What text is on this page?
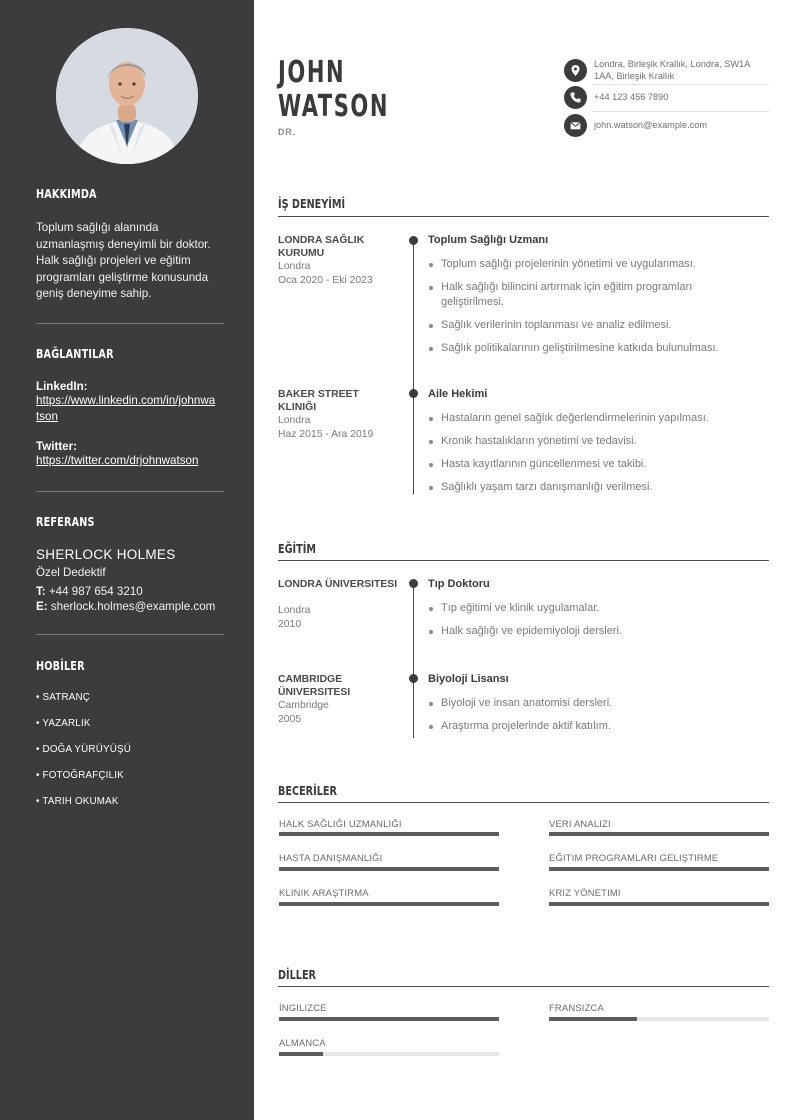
HAKKIMDA
Toplum sağlığı alanında uzmanlaşmış deneyimli bir doktor. Halk sağlığı projeleri ve eğitim programları geliştirme konusunda geniş deneyime sahip.
BAĞLANTILAR
LinkedIn:
https://www.linkedin.com/in/johnwatson
Twitter:
https://twitter.com/drjohnwatson
REFERANS
SHERLOCK HOLMES
Özel Dedektif
T: +44 987 654 3210
E: sherlock.holmes@example.com
HOBİLER
• SATRANÇ
• YAZARLIK
• DOĞA YÜRÜYÜŞÜ
• FOTOĞRAFÇILIK
• TARIH OKUMAK
JOHN
WATSON
DR.
Londra, Birleşik Krallık, Londra, SW1A 1AA, Birleşik Krallık
+44 123 456 7890
john.watson@example.com
İŞ DENEYİMİ
LONDRA SAĞLIK KURUMU
Londra
Oca 2020 - Eki 2023
Toplum Sağlığı Uzmanı
Toplum sağlığı projelerinin yönetimi ve uygulanması.
Halk sağlığı bilincini artırmak için eğitim programları geliştirilmesi.
Sağlık verilerinin toplanması ve analiz edilmesi.
Sağlık politikalarının geliştirilmesine katkıda bulunulması.
BAKER STREET KLINIĞI
Londra
Haz 2015 - Ara 2019
Aile Hekimi
Hastaların genel sağlık değerlendirmelerinin yapılması.
Kronik hastalıkların yönetimi ve tedavisi.
Hasta kayıtlarının güncellenmesi ve takibi.
Sağlıklı yaşam tarzı danışmanlığı verilmesi.
EĞİTİM
LONDRA ÜNIVERSITESI
Londra
2010
Tıp Doktoru
Tıp eğitimi ve klinik uygulamalar.
Halk sağlığı ve epidemiyoloji dersleri.
CAMBRIDGE ÜNIVERSITESI
Cambridge
2005
Biyoloji Lisansı
Biyoloji ve insan anatomisi dersleri.
Araştırma projelerinde aktif katılım.
BECERİLER
HALK SAĞLIĞI UZMANLIĞI	VERI ANALIZI
HASTA DANIŞMANLIĞI	EĞITIM PROGRAMLARI GELIŞTIRME
KLINIK ARAŞTIRMA	KRIZ YÖNETIMI
DİLLER
İNGILIZCE	FRANSIZCA
ALMANCA
